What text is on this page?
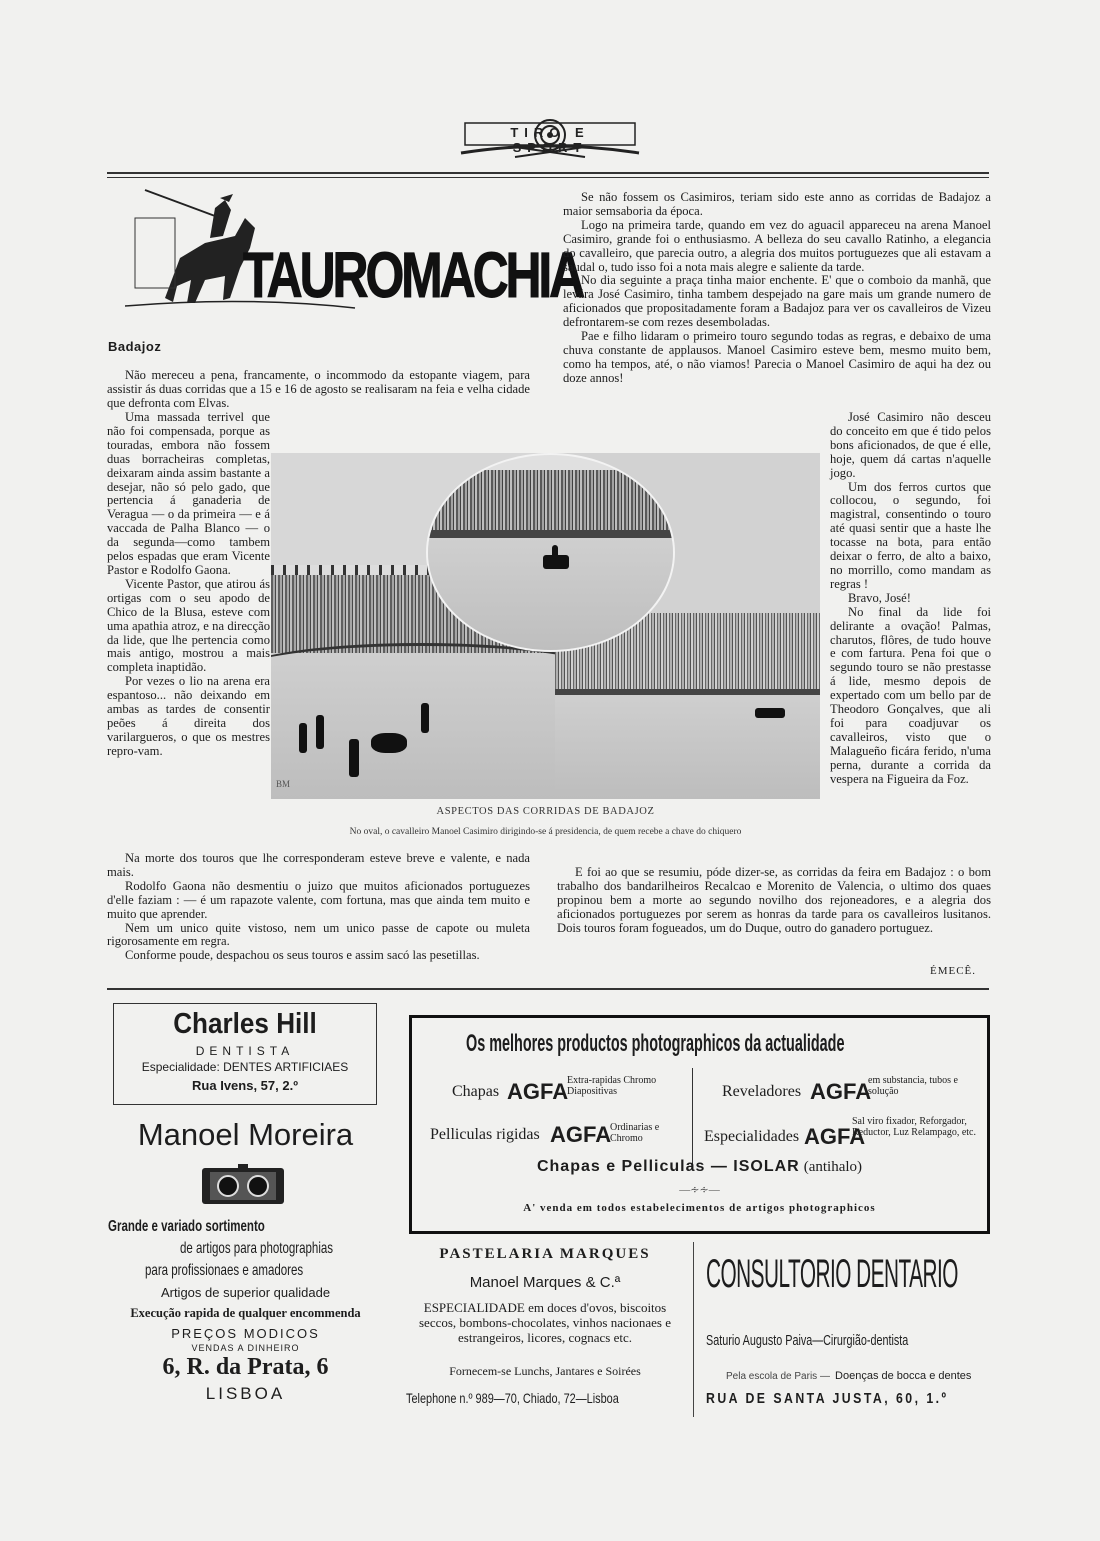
TIRO E SPORT
TAUROMACHIA
Badajoz

Não mereceu a pena, francamente, o incommodo da estopante viagem, para assistir ás duas corridas que a 15 e 16 de agosto se realisaram na feia e velha cidade que defronta com Elvas.

Uma massada terrivel que não foi compensada, porque as touradas, embora não fossem duas borracheiras completas, deixaram ainda assim bastante a desejar, não só pelo gado, que pertencia á ganaderia de Veragua — o da primeira — e á vaccada de Palha Blanco — o da segunda—como tambem pelos espadas que eram Vicente Pastor e Rodolfo Gaona.

Vicente Pastor, que atirou ás ortigas com o seu apodo de Chico de la Blusa, esteve com uma apathia atroz, e na direcção da lide, que lhe pertencia como mais antigo, mostrou a mais completa inaptidão.

Por vezes o lio na arena era espantoso... não deixando em ambas as tardes de consentir peões á direita dos varilargueros, o que os mestres repro-vam.

Na morte dos touros que lhe corresponderam esteve breve e valente, e nada mais.

Rodolfo Gaona não desmentiu o juizo que muitos aficionados portuguezes d'elle faziam : — é um rapazote valente, com fortuna, mas que ainda tem muito e muito que aprender.

Nem um unico quite vistoso, nem um unico passe de capote ou muleta rigorosamente em regra.

Conforme poude, despachou os seus touros e assim sacó las pesetillas.

Se não fossem os Casimiros, teriam sido este anno as corridas de Badajoz a maior semsaboria da época.

Logo na primeira tarde, quando em vez do aguacil appareceu na arena Manoel Casimiro, grande foi o enthusiasmo. A belleza do seu cavallo Ratinho, a elegancia do cavalleiro, que parecia outro, a alegria dos muitos portuguezes que ali estavam a saudal o, tudo isso foi a nota mais alegre e saliente da tarde.

No dia seguinte a praça tinha maior enchente. E' que o comboio da manhã, que levára José Casimiro, tinha tambem despejado na gare mais um grande numero de aficionados que propositadamente foram a Badajoz para ver os cavalleiros de Vizeu defrontarem-se com rezes desemboladas.

Pae e filho lidaram o primeiro touro segundo todas as regras, e debaixo de uma chuva constante de applausos. Manoel Casimiro esteve bem, mesmo muito bem, como ha tempos, até, o não viamos! Parecia o Manoel Casimiro de aqui ha dez ou doze annos!

José Casimiro não desceu do conceito em que é tido pelos bons aficionados, de que é elle, hoje, quem dá cartas n'aquelle jogo.

Um dos ferros curtos que collocou, o segundo, foi magistral, consentindo o touro até quasi sentir que a haste lhe tocasse na bota, para então deixar o ferro, de alto a baixo, no morrillo, como mandam as regras !

Bravo, José!

No final da lide foi delirante a ovação! Palmas, charutos, flôres, de tudo houve e com fartura. Pena foi que o segundo touro se não prestasse á lide, mesmo depois de expertado com um bello par de Theodoro Gonçalves, que ali foi para coadjuvar os cavalleiros, visto que o Malagueño ficára ferido, n'uma perna, durante a corrida da vespera na Figueira da Foz.

E foi ao que se resumiu, póde dizer-se, as corridas da feira em Badajoz : o bom trabalho dos bandarilheiros Recalcao e Morenito de Valencia, o ultimo dos quaes propinou bem a morte ao segundo novilho dos rejoneadores, e a alegria dos aficionados portuguezes por serem as honras da tarde para os cavalleiros lusitanos. Dois touros foram fogueados, um do Duque, outro do ganadero portuguez.

ÉMECÊ.
BM
ASPECTOS DAS CORRIDAS DE BADAJOZ
No oval, o cavalleiro Manoel Casimiro dirigindo-se á presidencia, de quem recebe a chave do chiquero
Charles Hill
DENTISTA
Especialidade: DENTES ARTIFICIAES
Rua Ivens, 57, 2.º
Manoel Moreira
Grande e variado sortimento
de artigos para photographias
para profissionaes e amadores
Artigos de superior qualidade
Execução rapida de qualquer encommenda
PREÇOS MODICOS
VENDAS A DINHEIRO
6, R. da Prata, 6
LISBOA
Os melhores productos photographicos da actualidade
Chapas AGFA
Extra-rapidas Chromo Diapositivas	Reveladores AGFA
em substancia, tubos e solução
Pelliculas rigidas AGFA
Ordinarias e Chromo	Especialidades AGFA
Sal viro fixador, Reforgador, Reductor, Luz Relampago, etc.
Chapas e Pelliculas — ISOLAR (antihalo)
—∻∻—
A' venda em todos estabelecimentos de artigos photographicos
PASTELARIA MARQUES
Manoel Marques & C.ª
ESPECIALIDADE em doces d'ovos, biscoitos seccos, bombons-chocolates, vinhos nacionaes e estrangeiros, licores, cognacs etc.
Fornecem-se Lunchs, Jantares e Soirées
Telephone n.º 989—70, Chiado, 72—Lisboa
CONSULTORIO DENTARIO
Saturio Augusto Paiva—Cirurgião-dentista
Pela escola de Paris — Doenças de bocca e dentes
RUA DE SANTA JUSTA, 60, 1.º
